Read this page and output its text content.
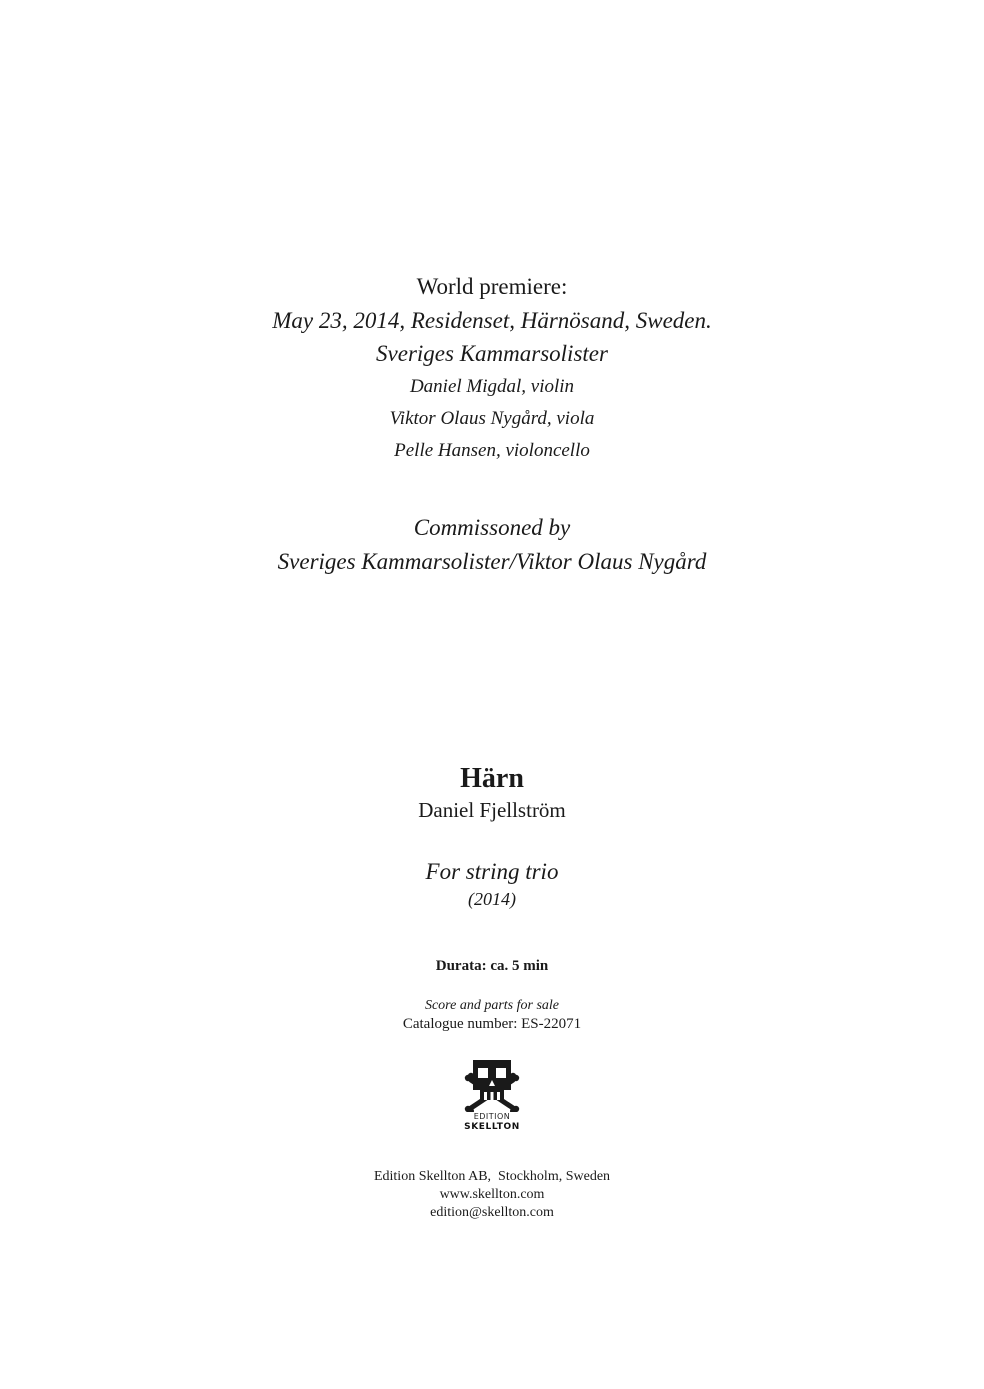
World premiere:
May 23, 2014, Residenset, Härnösand, Sweden.
Sveriges Kammarsolister
Daniel Migdal, violin
Viktor Olaus Nygård, viola
Pelle Hansen, violoncello
Commissoned by
Sveriges Kammarsolister/Viktor Olaus Nygård
Härn
Daniel Fjellström
For string trio
(2014)
Durata: ca. 5 min
Score and parts for sale
Catalogue number: ES-22071
EDITION
SKELLTON
Edition Skellton AB,  Stockholm, Sweden
www.skellton.com
edition@skellton.com
